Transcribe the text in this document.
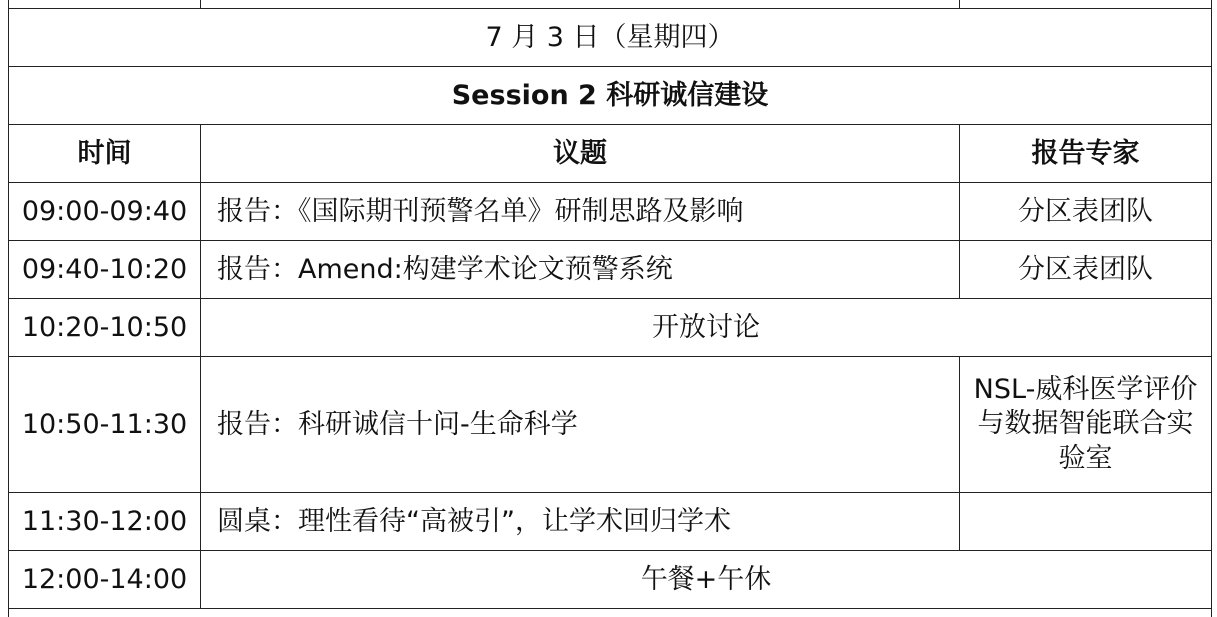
7 月 3 日（星期四）		
Session 2 科研诚信建设		
时间	议题	报告专家
09:00-09:40	报告：《国际期刊预警名单》研制思路及影响	分区表团队
09:40-10:20	报告：Amend:构建学术论文预警系统	分区表团队
10:20-10:50	开放讨论	
10:50-11:30	报告：科研诚信十问-生命科学	NSL-威科医学评价与数据智能联合实验室
11:30-12:00	圆桌：理性看待“高被引”，让学术回归学术	
12:00-14:00	午餐+午休	
